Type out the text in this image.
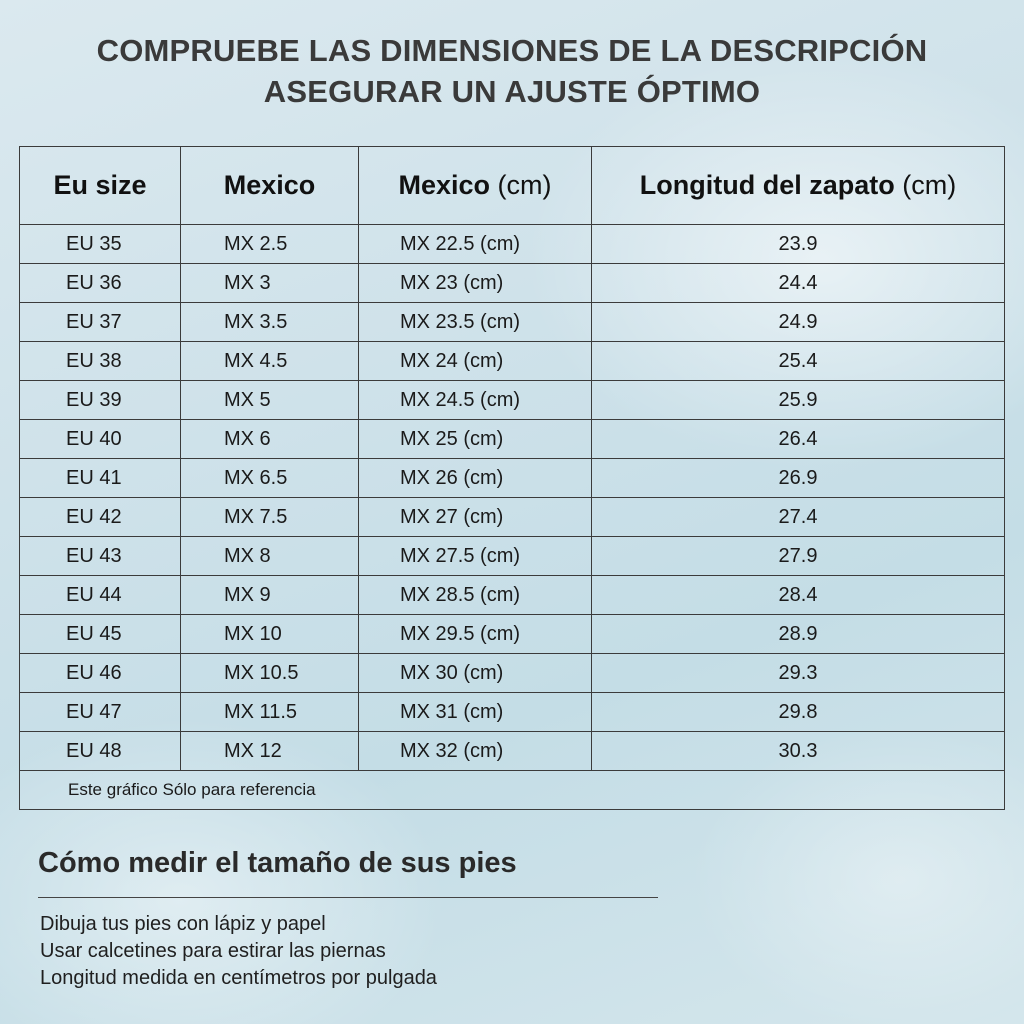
COMPRUEBE LAS DIMENSIONES DE LA DESCRIPCIÓN
ASEGURAR UN AJUSTE ÓPTIMO
Eu size	Mexico	Mexico (cm)	Longitud del zapato (cm)
EU 35	MX 2.5	MX 22.5 (cm)	23.9
EU 36	MX 3	MX 23 (cm)	24.4
EU 37	MX 3.5	MX 23.5 (cm)	24.9
EU 38	MX 4.5	MX 24 (cm)	25.4
EU 39	MX 5	MX 24.5 (cm)	25.9
EU 40	MX 6	MX 25 (cm)	26.4
EU 41	MX 6.5	MX 26 (cm)	26.9
EU 42	MX 7.5	MX 27 (cm)	27.4
EU 43	MX 8	MX 27.5 (cm)	27.9
EU 44	MX 9	MX 28.5 (cm)	28.4
EU 45	MX 10	MX 29.5 (cm)	28.9
EU 46	MX 10.5	MX 30 (cm)	29.3
EU 47	MX 11.5	MX 31 (cm)	29.8
EU 48	MX 12	MX 32 (cm)	30.3
Este gráfico Sólo para referencia			
Cómo medir el tamaño de sus pies
Dibuja tus pies con lápiz y papel
Usar calcetines para estirar las piernas
Longitud medida en centímetros por pulgada
